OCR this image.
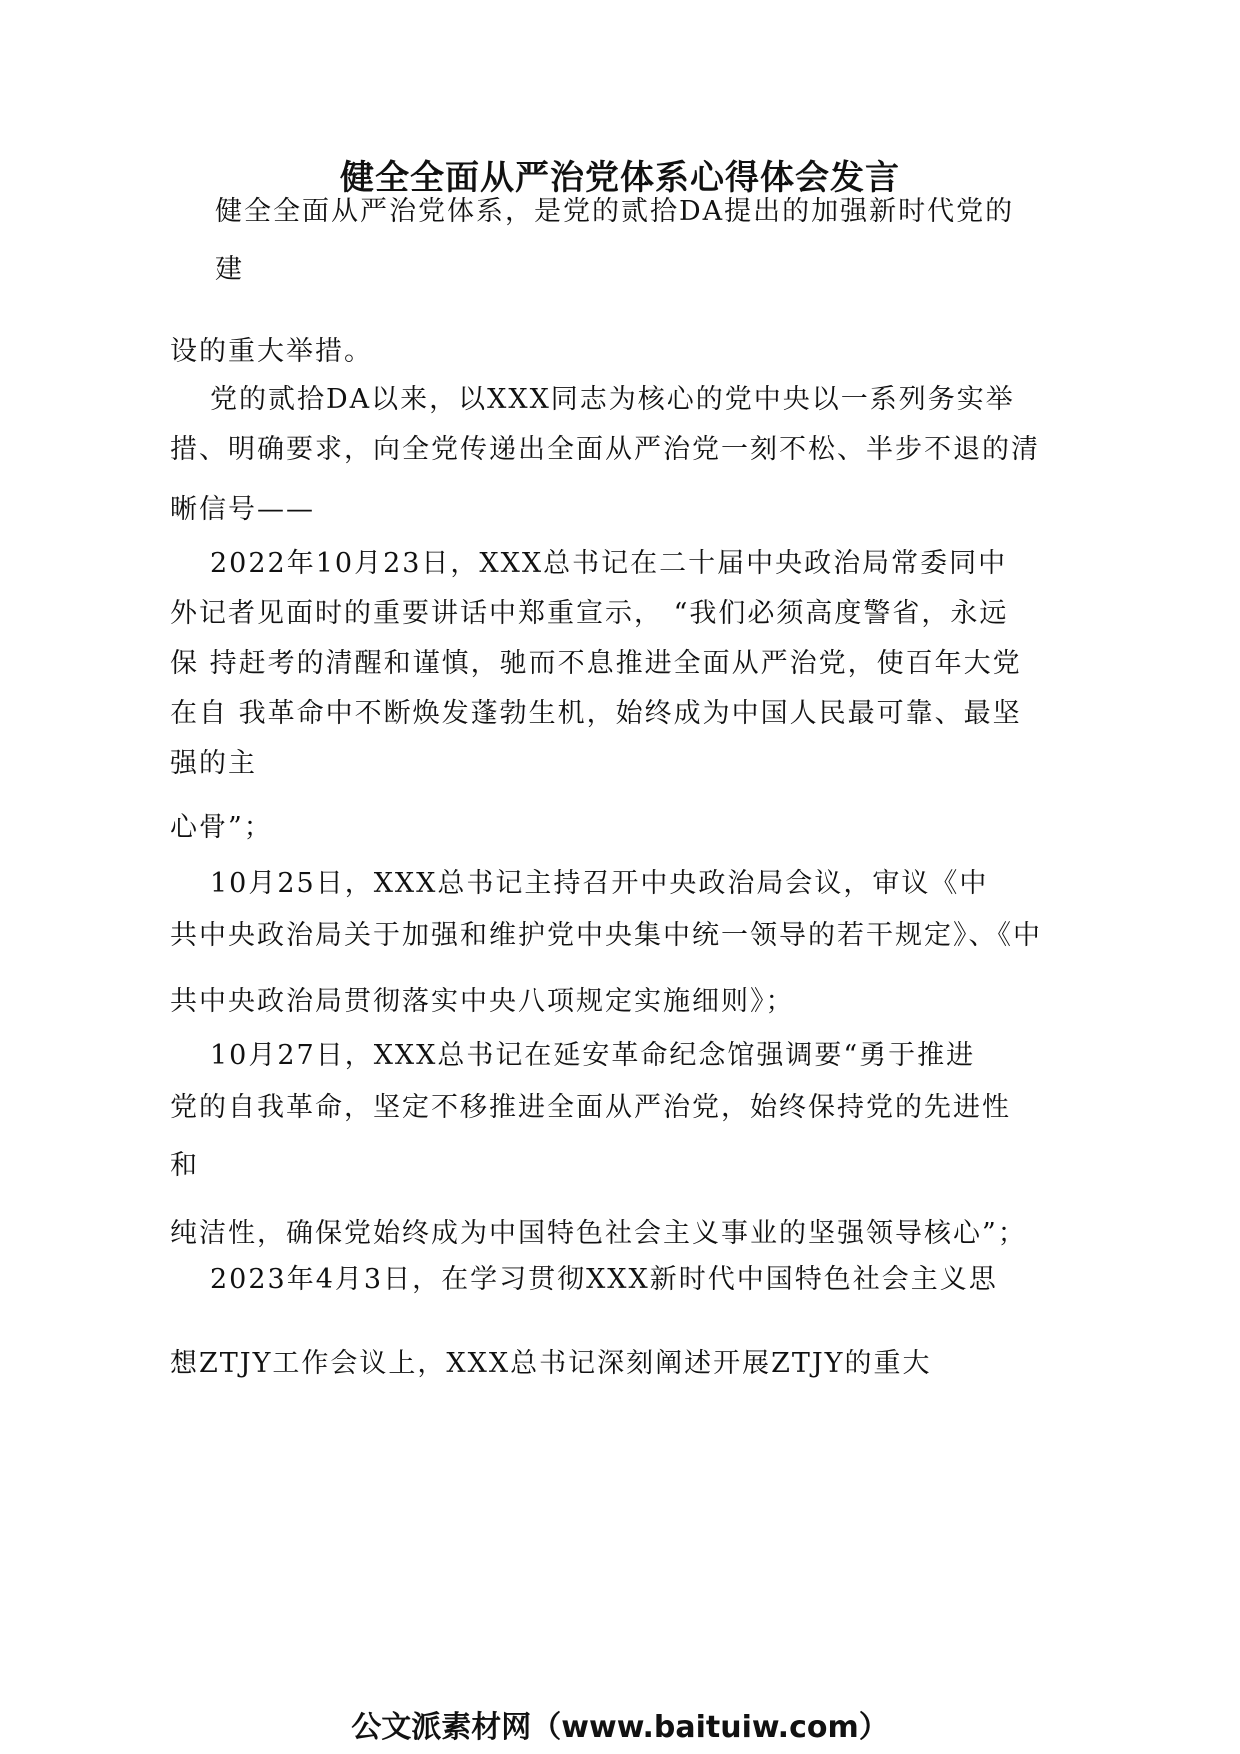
健全全面从严治党体系心得体会发言
健全全面从严治党体系，是党的贰拾DA提出的加强新时代党的
建
设的重大举措。
党的贰拾DA以来，以XXX同志为核心的党中央以一系列务实举
措、明确要求，向全党传递出全面从严治党一刻不松、半步不退的清
晰信号——
2022年10月23日，XXX总书记在二十届中央政治局常委同中
外记者见面时的重要讲话中郑重宣示， “我们必须高度警省，永远
保 持赶考的清醒和谨慎，驰而不息推进全面从严治党，使百年大党
在自 我革命中不断焕发蓬勃生机，始终成为中国人民最可靠、最坚
强的主
心骨”；
10月25日，XXX总书记主持召开中央政治局会议，审议《中
共中央政治局关于加强和维护党中央集中统一领导的若干规定》、《中
共中央政治局贯彻落实中央八项规定实施细则》；
10月27日，XXX总书记在延安革命纪念馆强调要“勇于推进
党的自我革命，坚定不移推进全面从严治党，始终保持党的先进性
和
纯洁性，确保党始终成为中国特色社会主义事业的坚强领导核心”；
2023年4月3日，在学习贯彻XXX新时代中国特色社会主义思
想ZTJY工作会议上，XXX总书记深刻阐述开展ZTJY的重大
公文派素材网（www.baituiw.com）
